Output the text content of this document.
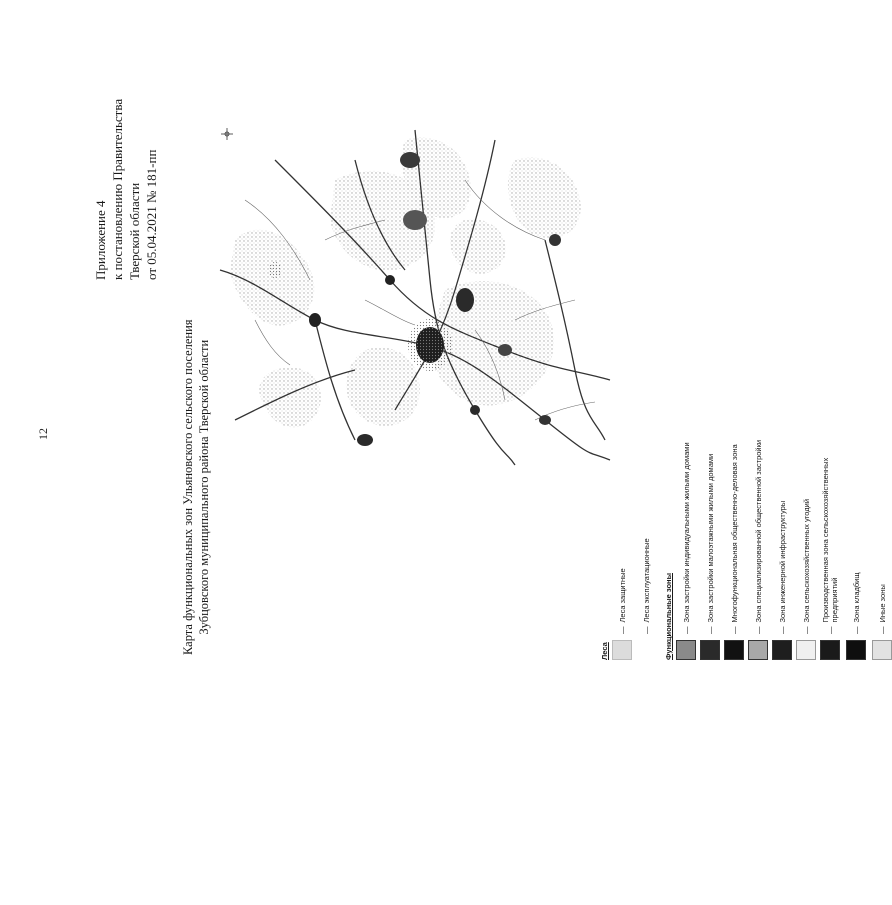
12
Приложение 4 к постановлению Правительства Тверской области от 05.04.2021 № 181-пп
Карта функциональных зон Ульяновского сельского поселения Зубцовского муниципального района Тверской области
Леса
—
Леса защитные
—
Леса эксплуатационные Функциональные зоны —
Зона застройки индивидуальными жилыми домами
—
Зона застройки малоэтажными жилыми домами
—
Многофункциональная общественно-деловая зона
—
Зона специализированной общественной застройки
—
Зона инженерной инфраструктуры
—
Зона сельскохозяйственных угодий
—
Производственная зона сельскохозяйственных предприятий
—
Зона кладбищ
—
Иные зоны
